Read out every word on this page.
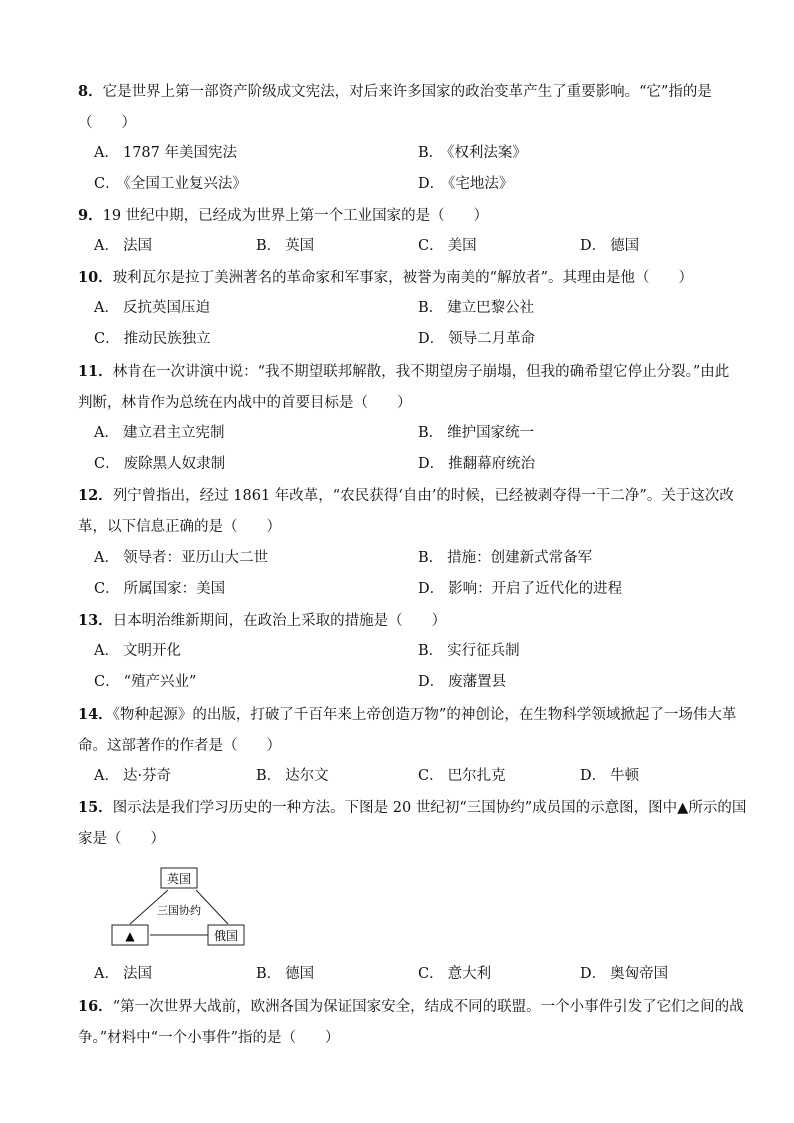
8．它是世界上第一部资产阶级成文宪法，对后来许多国家的政治变革产生了重要影响。“它”指的是
（　　）
A． 1787 年美国宪法	B． 《权利法案》
C． 《全国工业复兴法》	D． 《宅地法》
9．19 世纪中期，已经成为世界上第一个工业国家的是（　　）
A． 法国	B． 英国	C． 美国	D． 德国
10．玻利瓦尔是拉丁美洲著名的革命家和军事家，被誉为南美的“解放者”。其理由是他（　　）
A． 反抗英国压迫	B． 建立巴黎公社
C． 推动民族独立	D． 领导二月革命
11．林肯在一次讲演中说：“我不期望联邦解散，我不期望房子崩塌，但我的确希望它停止分裂。”由此
判断，林肯作为总统在内战中的首要目标是（　　）
A． 建立君主立宪制	B． 维护国家统一
C． 废除黑人奴隶制	D． 推翻幕府统治
12．列宁曾指出，经过 1861 年改革，“农民获得‘自由’的时候，已经被剥夺得一干二净”。关于这次改
革，以下信息正确的是（　　）
A． 领导者：亚历山大二世	B． 措施：创建新式常备军
C． 所属国家：美国	D． 影响：开启了近代化的进程
13．日本明治维新期间，在政治上采取的措施是（　　）
A． 文明开化	B． 实行征兵制
C． “殖产兴业”	D． 废藩置县
14．《物种起源》的出版，打破了千百年来上帝创造万物”的神创论，在生物科学领域掀起了一场伟大革
命。这部著作的作者是（　　）
A． 达·芬奇	B． 达尔文	C． 巴尔扎克	D． 牛顿
15．图示法是我们学习历史的一种方法。下图是 20 世纪初“三国协约”成员国的示意图，图中▲所示的国
家是（　　）
英国
三国协约
▲	俄国
A． 法国	B． 德国	C． 意大利	D． 奥匈帝国
16．“第一次世界大战前，欧洲各国为保证国家安全，结成不同的联盟。一个小事件引发了它们之间的战
争。”材料中“一个小事件”指的是（　　）
